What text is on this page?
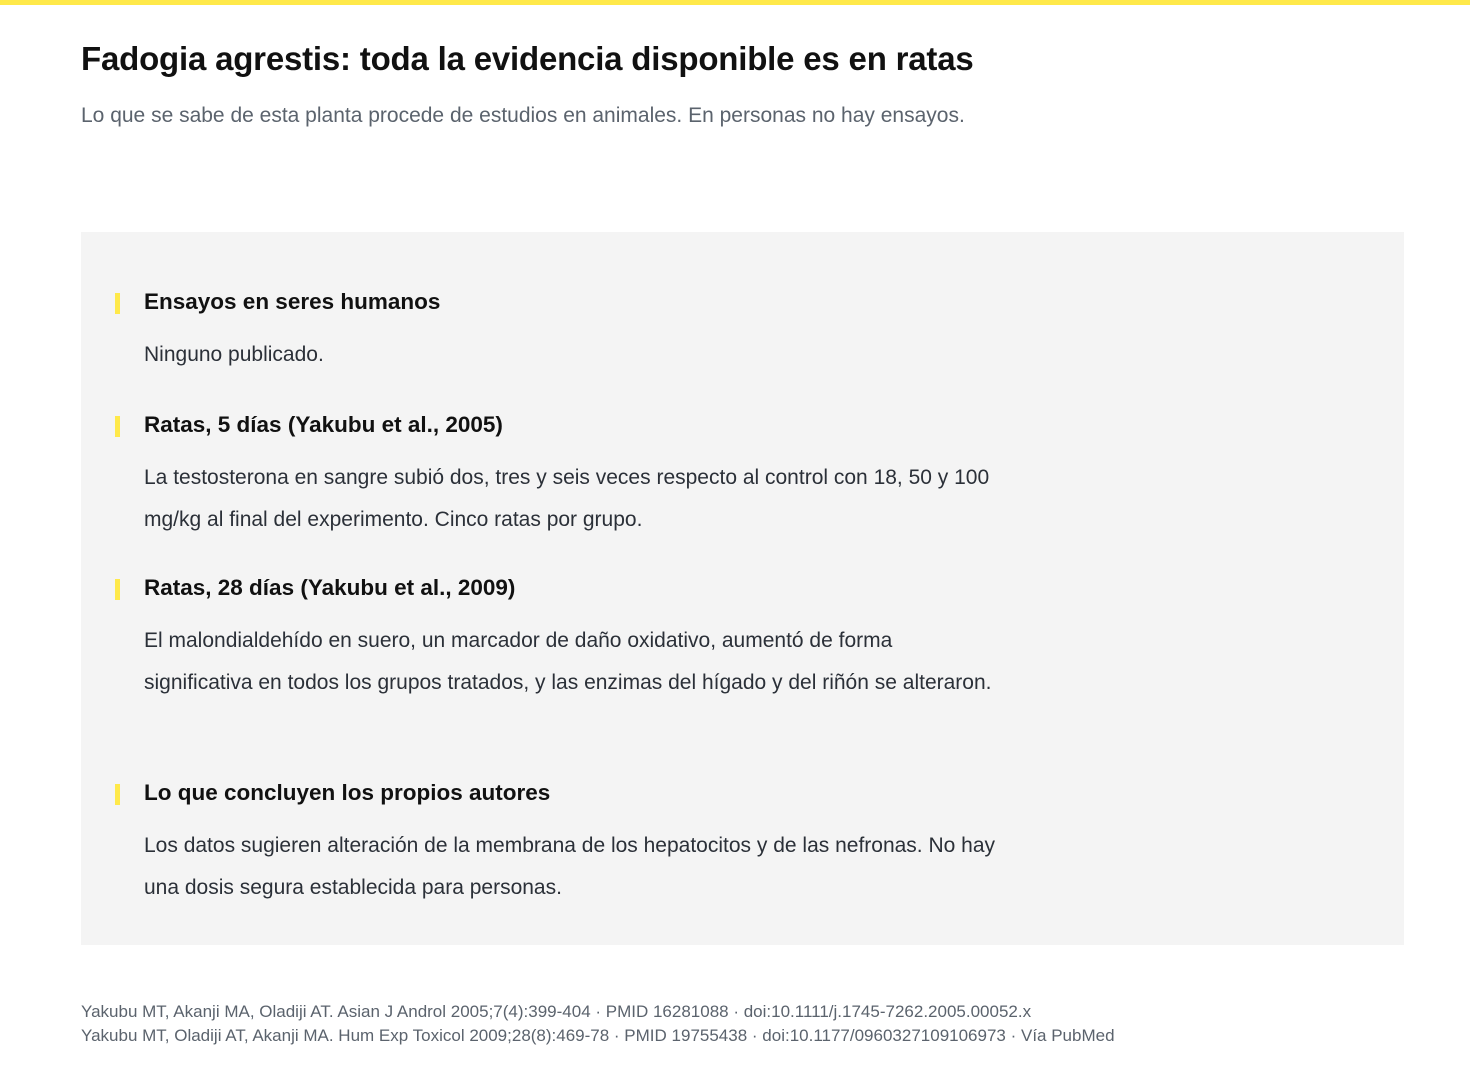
Fadogia agrestis: toda la evidencia disponible es en ratas

Lo que se sabe de esta planta procede de estudios en animales. En personas no hay ensayos.

Ensayos en seres humanos

Ninguno publicado.

Ratas, 5 días (Yakubu et al., 2005)

La testosterona en sangre subió dos, tres y seis veces respecto al control con 18, 50 y 100 mg/kg al final del experimento. Cinco ratas por grupo.

Ratas, 28 días (Yakubu et al., 2009)

El malondialdehído en suero, un marcador de daño oxidativo, aumentó de forma significativa en todos los grupos tratados, y las enzimas del hígado y del riñón se alteraron.

Lo que concluyen los propios autores

Los datos sugieren alteración de la membrana de los hepatocitos y de las nefronas. No hay una dosis segura establecida para personas.

Yakubu MT, Akanji MA, Oladiji AT. Asian J Androl 2005;7(4):399-404 · PMID 16281088 · doi:10.1111/j.1745-7262.2005.00052.x
Yakubu MT, Oladiji AT, Akanji MA. Hum Exp Toxicol 2009;28(8):469-78 · PMID 19755438 · doi:10.1177/0960327109106973 · Vía PubMed
